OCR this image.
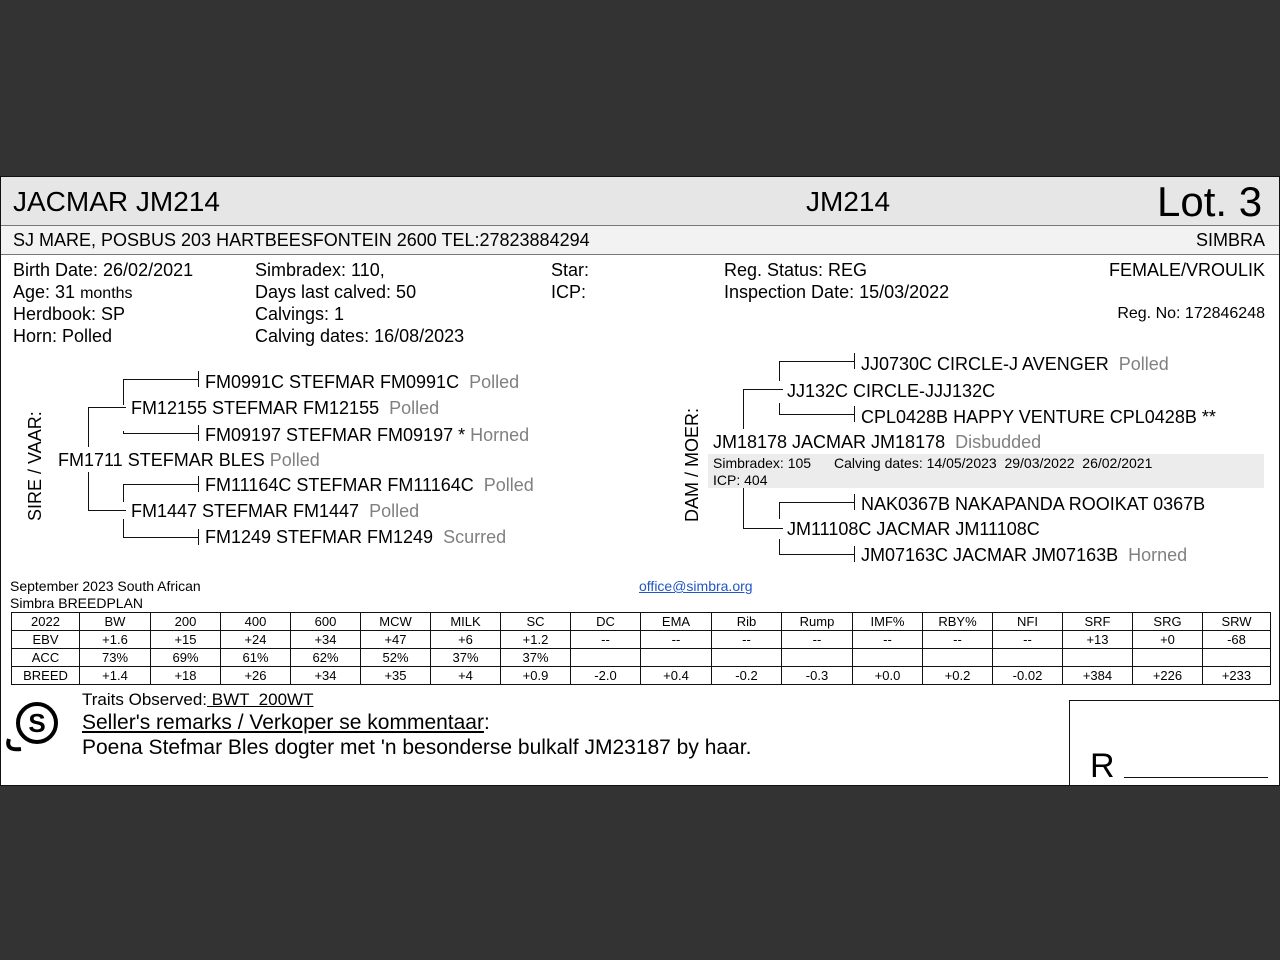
JACMAR JM214	JM214	Lot. 3
SJ MARE, POSBUS 203 HARTBEESFONTEIN 2600 TEL:27823884294	SIMBRA
Birth Date: 26/02/2021
Age: 31 months
Herdbook: SP
Horn: Polled
Simbradex: 110,
Days last calved: 50
Calvings: 1
Calving dates: 16/08/2023
Star:
ICP:
Reg. Status: REG
Inspection Date: 15/03/2022
FEMALE/VROULIK
Reg. No: 172846248
SIRE / VAAR:
FM0991C STEFMAR FM0991C Polled
FM12155 STEFMAR FM12155 Polled
FM09197 STEFMAR FM09197 * Horned
FM1711 STEFMAR BLES Polled
FM11164C STEFMAR FM11164C Polled
FM1447 STEFMAR FM1447 Polled
FM1249 STEFMAR FM1249 Scurred
DAM / MOER:
JJ0730C CIRCLE-J AVENGER Polled
JJ132C CIRCLE-JJJ132C
CPL0428B HAPPY VENTURE CPL0428B **
JM18178 JACMAR JM18178 Disbudded
Simbradex: 105 Calving dates: 14/05/2023  29/03/2022  26/02/2021
ICP: 404
NAK0367B NAKAPANDA ROOIKAT 0367B
JM11108C JACMAR JM11108C
JM07163C JACMAR JM07163B Horned
September 2023 South African
Simbra BREEDPLAN
office@simbra.org
2022	BW	200	400	600	MCW	MILK	SC	DC	EMA	Rib	Rump	IMF%	RBY%	NFI	SRF	SRG	SRW
EBV	+1.6	+15	+24	+34	+47	+6	+1.2	--	--	--	--	--	--	--	+13	+0	-68
ACC	73%	69%	61%	62%	52%	37%	37%										
BREED	+1.4	+18	+26	+34	+35	+4	+0.9	-2.0	+0.4	-0.2	-0.3	+0.0	+0.2	-0.02	+384	+226	+233
S
Traits Observed: BWT  200WT
Seller's remarks / Verkoper se kommentaar:
Poena Stefmar Bles dogter met 'n besonderse bulkalf JM23187 by haar.	R
